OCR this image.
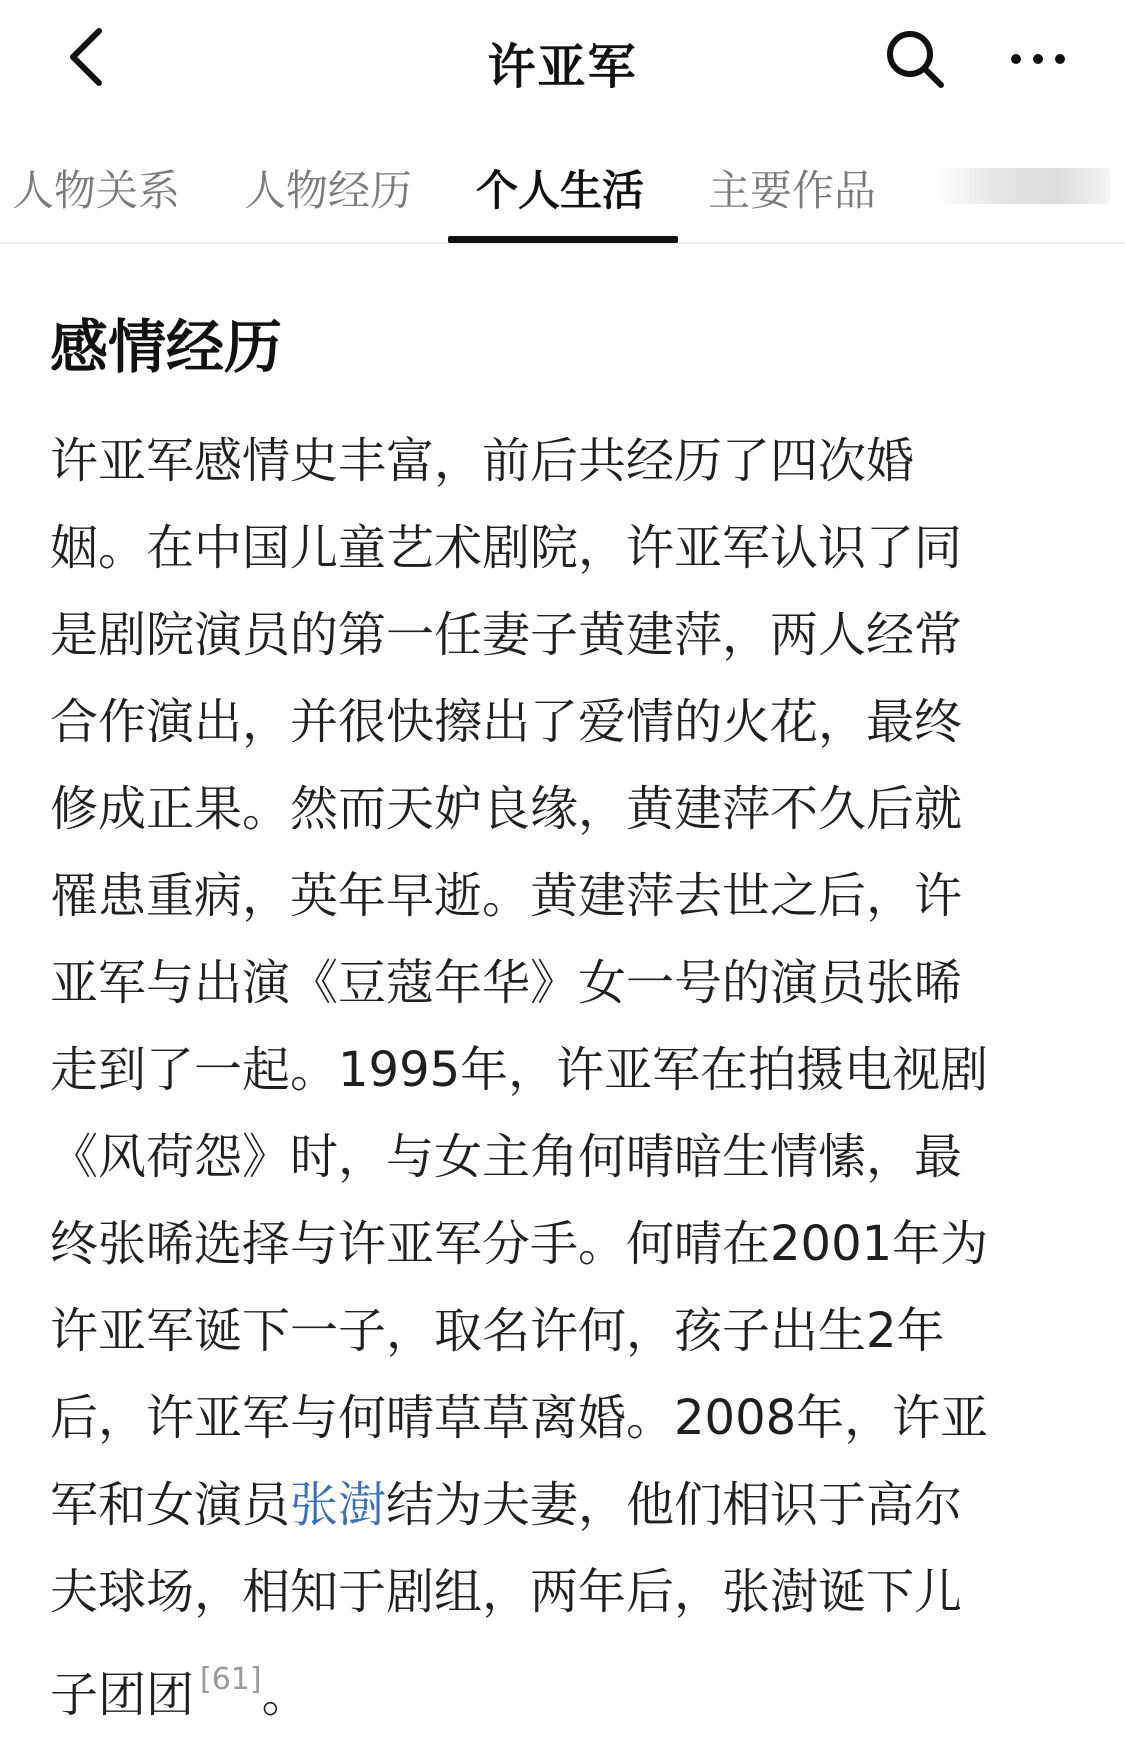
许亚军
人物关系 人物经历 个人生活 主要作品
感情经历
许亚军感情史丰富，前后共经历了四次婚
姻。在中国儿童艺术剧院，许亚军认识了同
是剧院演员的第一任妻子黄建萍，两人经常
合作演出，并很快擦出了爱情的火花，最终
修成正果。然而天妒良缘，黄建萍不久后就
罹患重病，英年早逝。黄建萍去世之后，许
亚军与出演《豆蔻年华》女一号的演员张晞
走到了一起。1995年，许亚军在拍摄电视剧
《风荷怨》时，与女主角何晴暗生情愫，最
终张晞选择与许亚军分手。何晴在2001年为
许亚军诞下一子，取名许何，孩子出生2年
后，许亚军与何晴草草离婚。2008年，许亚
军和女演员张澍结为夫妻，他们相识于高尔
夫球场，相知于剧组，两年后，张澍诞下儿
子团团 [61]。
